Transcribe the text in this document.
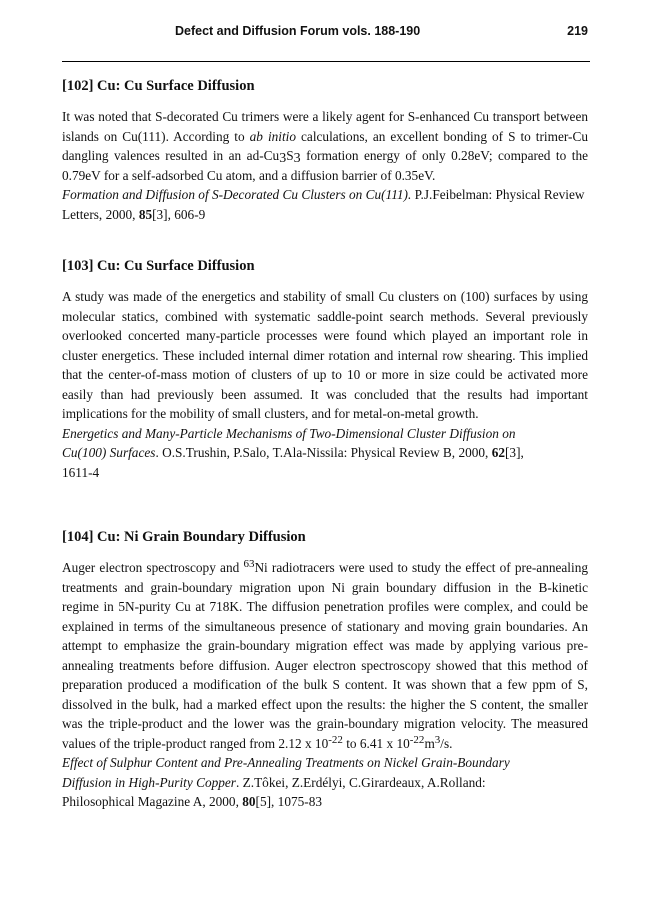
Defect and Diffusion Forum vols. 188-190	219
[102] Cu: Cu Surface Diffusion

It was noted that S-decorated Cu trimers were a likely agent for S-enhanced Cu transport between islands on Cu(111). According to ab initio calculations, an excellent bonding of S to trimer-Cu dangling valences resulted in an ad-Cu3S3 formation energy of only 0.28eV; compared to the 0.79eV for a self-adsorbed Cu atom, and a diffusion barrier of 0.35eV.

Formation and Diffusion of S-Decorated Cu Clusters on Cu(111). P.J.Feibelman: Physical Review Letters, 2000, 85[3], 606-9

[103] Cu: Cu Surface Diffusion

A study was made of the energetics and stability of small Cu clusters on (100) surfaces by using molecular statics, combined with systematic saddle-point search methods. Several previously overlooked concerted many-particle processes were found which played an important role in cluster energetics. These included internal dimer rotation and internal row shearing. This implied that the center-of-mass motion of clusters of up to 10 or more in size could be activated more easily than had previously been assumed. It was concluded that the results had important implications for the mobility of small clusters, and for metal-on-metal growth.

Energetics and Many-Particle Mechanisms of Two-Dimensional Cluster Diffusion on
Cu(100) Surfaces. O.S.Trushin, P.Salo, T.Ala-Nissila: Physical Review B, 2000, 62[3],
1611-4

[104] Cu: Ni Grain Boundary Diffusion

Auger electron spectroscopy and $^{63}$Ni radiotracers were used to study the effect of pre-annealing treatments and grain-boundary migration upon Ni grain boundary diffusion in the B-kinetic regime in 5N-purity Cu at 718K. The diffusion penetration profiles were complex, and could be explained in terms of the simultaneous presence of stationary and moving grain boundaries. An attempt to emphasize the grain-boundary migration effect was made by applying various pre-annealing treatments before diffusion. Auger electron spectroscopy showed that this method of preparation produced a modification of the bulk S content. It was shown that a few ppm of S, dissolved in the bulk, had a marked effect upon the results: the higher the S content, the smaller was the triple-product and the lower was the grain-boundary migration velocity. The measured values of the triple-product ranged from 2.12 x $10^{-22}$ to 6.41 x $10^{-22}m^3/s$.

Effect of Sulphur Content and Pre-Annealing Treatments on Nickel Grain-Boundary
Diffusion in High-Purity Copper. Z.Tôkei, Z.Erdélyi, C.Girardeaux, A.Rolland:
Philosophical Magazine A, 2000, 80[5], 1075-83
